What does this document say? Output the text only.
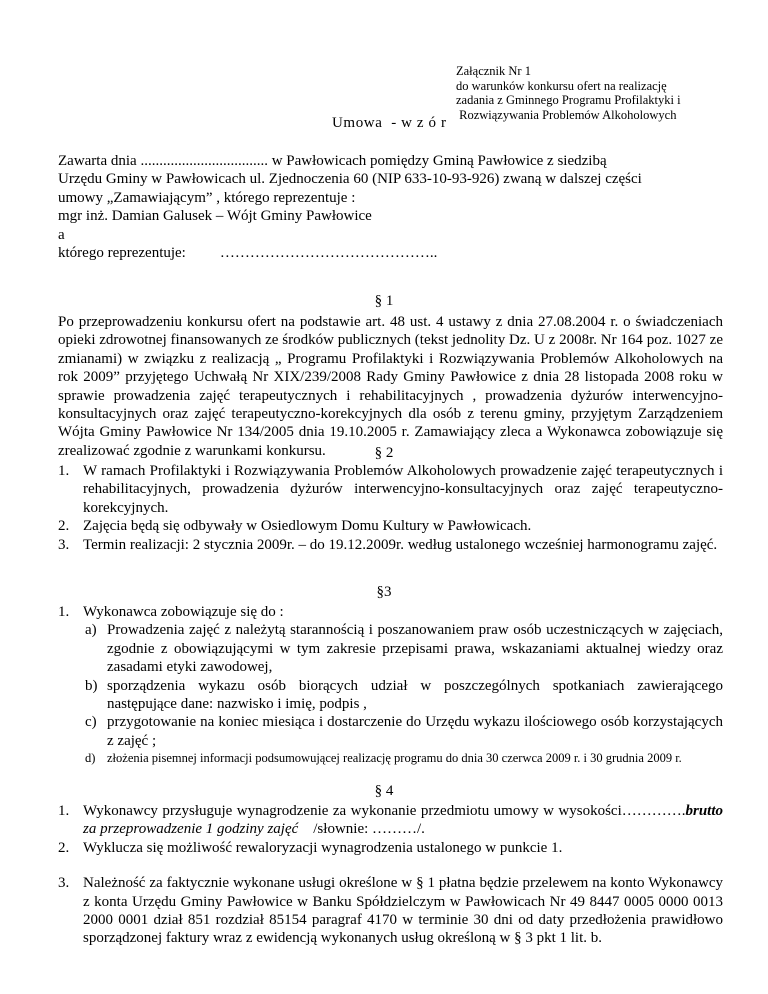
Załącznik Nr 1
do warunków konkursu ofert na realizację
zadania z Gminnego Programu Profilaktyki i
Rozwiązywania Problemów Alkoholowych
Umowa  - w z ó r
Zawarta dnia .................................. w Pawłowicach pomiędzy Gminą Pawłowice z siedzibą
Urzędu Gminy w Pawłowicach ul. Zjednoczenia 60 (NIP 633-10-93-926) zwaną w dalszej części
umowy „Zamawiającym” , którego reprezentuje :
mgr inż. Damian Galusek – Wójt Gminy Pawłowice
a
którego reprezentuje: ……………………………………..
§ 1
Po przeprowadzeniu konkursu ofert na podstawie art. 48 ust. 4 ustawy z dnia 27.08.2004 r. o świadczeniach opieki zdrowotnej finansowanych ze środków publicznych (tekst jednolity Dz. U z 2008r. Nr 164 poz. 1027 ze zmianami) w związku z realizacją „ Programu Profilaktyki i Rozwiązywania Problemów Alkoholowych na rok 2009” przyjętego Uchwałą Nr XIX/239/2008 Rady Gminy Pawłowice z dnia 28 listopada 2008 roku w sprawie prowadzenia zajęć terapeutycznych i rehabilitacyjnych , prowadzenia dyżurów interwencyjno-konsultacyjnych oraz zajęć terapeutyczno-korekcyjnych dla osób z terenu gminy, przyjętym Zarządzeniem Wójta Gminy Pawłowice Nr 134/2005 dnia 19.10.2005 r. Zamawiający zleca a Wykonawca zobowiązuje się zrealizować zgodnie z warunkami konkursu.	§ 2
1. W ramach Profilaktyki i Rozwiązywania Problemów Alkoholowych prowadzenie zajęć terapeutycznych i rehabilitacyjnych, prowadzenia dyżurów interwencyjno-konsultacyjnych oraz zajęć terapeutyczno-korekcyjnych.
2. Zajęcia będą się odbywały w Osiedlowym Domu Kultury w Pawłowicach.
3. Termin realizacji: 2 stycznia 2009r. – do 19.12.2009r. według ustalonego wcześniej harmonogramu zajęć.
§3
1. Wykonawca zobowiązuje się do :
a) Prowadzenia zajęć z należytą starannością i poszanowaniem praw osób uczestniczących w zajęciach, zgodnie z obowiązującymi w tym zakresie przepisami prawa, wskazaniami aktualnej wiedzy oraz zasadami etyki zawodowej,
b) sporządzenia wykazu osób biorących udział w poszczególnych spotkaniach zawierającego następujące dane: nazwisko i imię, podpis ,
c) przygotowanie na koniec miesiąca i dostarczenie do Urzędu wykazu ilościowego osób korzystających z zajęć ;
d) złożenia pisemnej informacji podsumowującej realizację programu do dnia 30 czerwca 2009 r. i 30 grudnia 2009 r.
§ 4
1. Wykonawcy przysługuje wynagrodzenie za wykonanie przedmiotu umowy w wysokości………….brutto za przeprowadzenie 1 godziny zajęć    /słownie: ………/.
2. Wyklucza się możliwość rewaloryzacji wynagrodzenia ustalonego w punkcie 1.
3. Należność za faktycznie wykonane usługi określone w § 1 płatna będzie przelewem na konto Wykonawcy z konta Urzędu Gminy Pawłowice w Banku Spółdzielczym w Pawłowicach Nr 49 8447 0005 0000 0013 2000 0001 dział 851 rozdział 85154 paragraf 4170 w terminie 30 dni od daty przedłożenia prawidłowo sporządzonej faktury wraz z ewidencją wykonanych usług określoną w § 3 pkt 1 lit. b.
